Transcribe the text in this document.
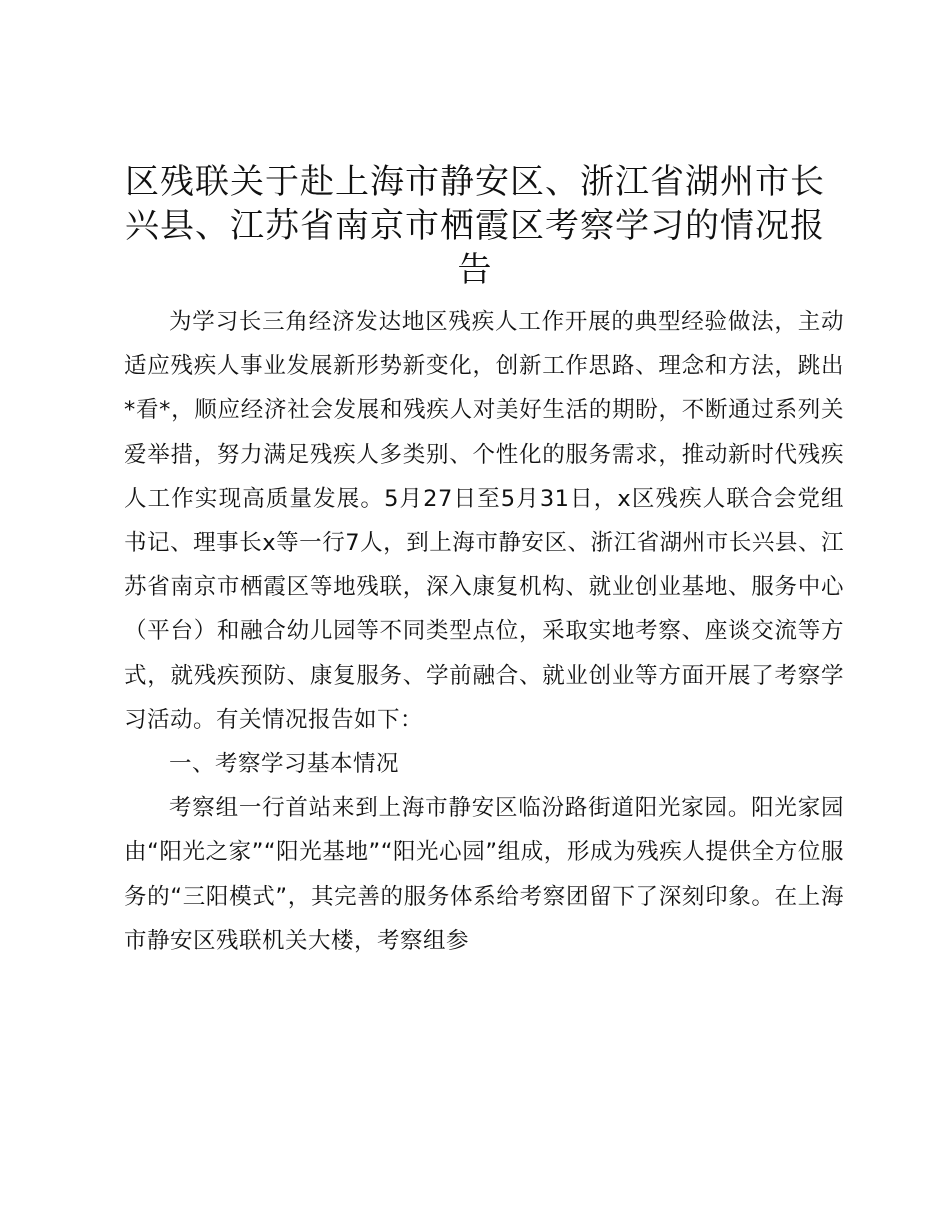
区残联关于赴上海市静安区、浙江省湖州市长
兴县、江苏省南京市栖霞区考察学习的情况报
告

为学习长三角经济发达地区残疾人工作开展的典型经验做法，主动适应残疾人事业发展新形势新变化，创新工作思路、理念和方法，跳出*看*，顺应经济社会发展和残疾人对美好生活的期盼，不断通过系列关爱举措，努力满足残疾人多类别、个性化的服务需求，推动新时代残疾人工作实现高质量发展。5月27日至5月31日，x区残疾人联合会党组书记、理事长x等一行7人，到上海市静安区、浙江省湖州市长兴县、江苏省南京市栖霞区等地残联，深入康复机构、就业创业基地、服务中心（平台）和融合幼儿园等不同类型点位，采取实地考察、座谈交流等方式，就残疾预防、康复服务、学前融合、就业创业等方面开展了考察学习活动。有关情况报告如下：

一、考察学习基本情况

考察组一行首站来到上海市静安区临汾路街道阳光家园。阳光家园由“阳光之家”“阳光基地”“阳光心园”组成，形成为残疾人提供全方位服务的“三阳模式”，其完善的服务体系给考察团留下了深刻印象。在上海市静安区残联机关大楼，考察组参
